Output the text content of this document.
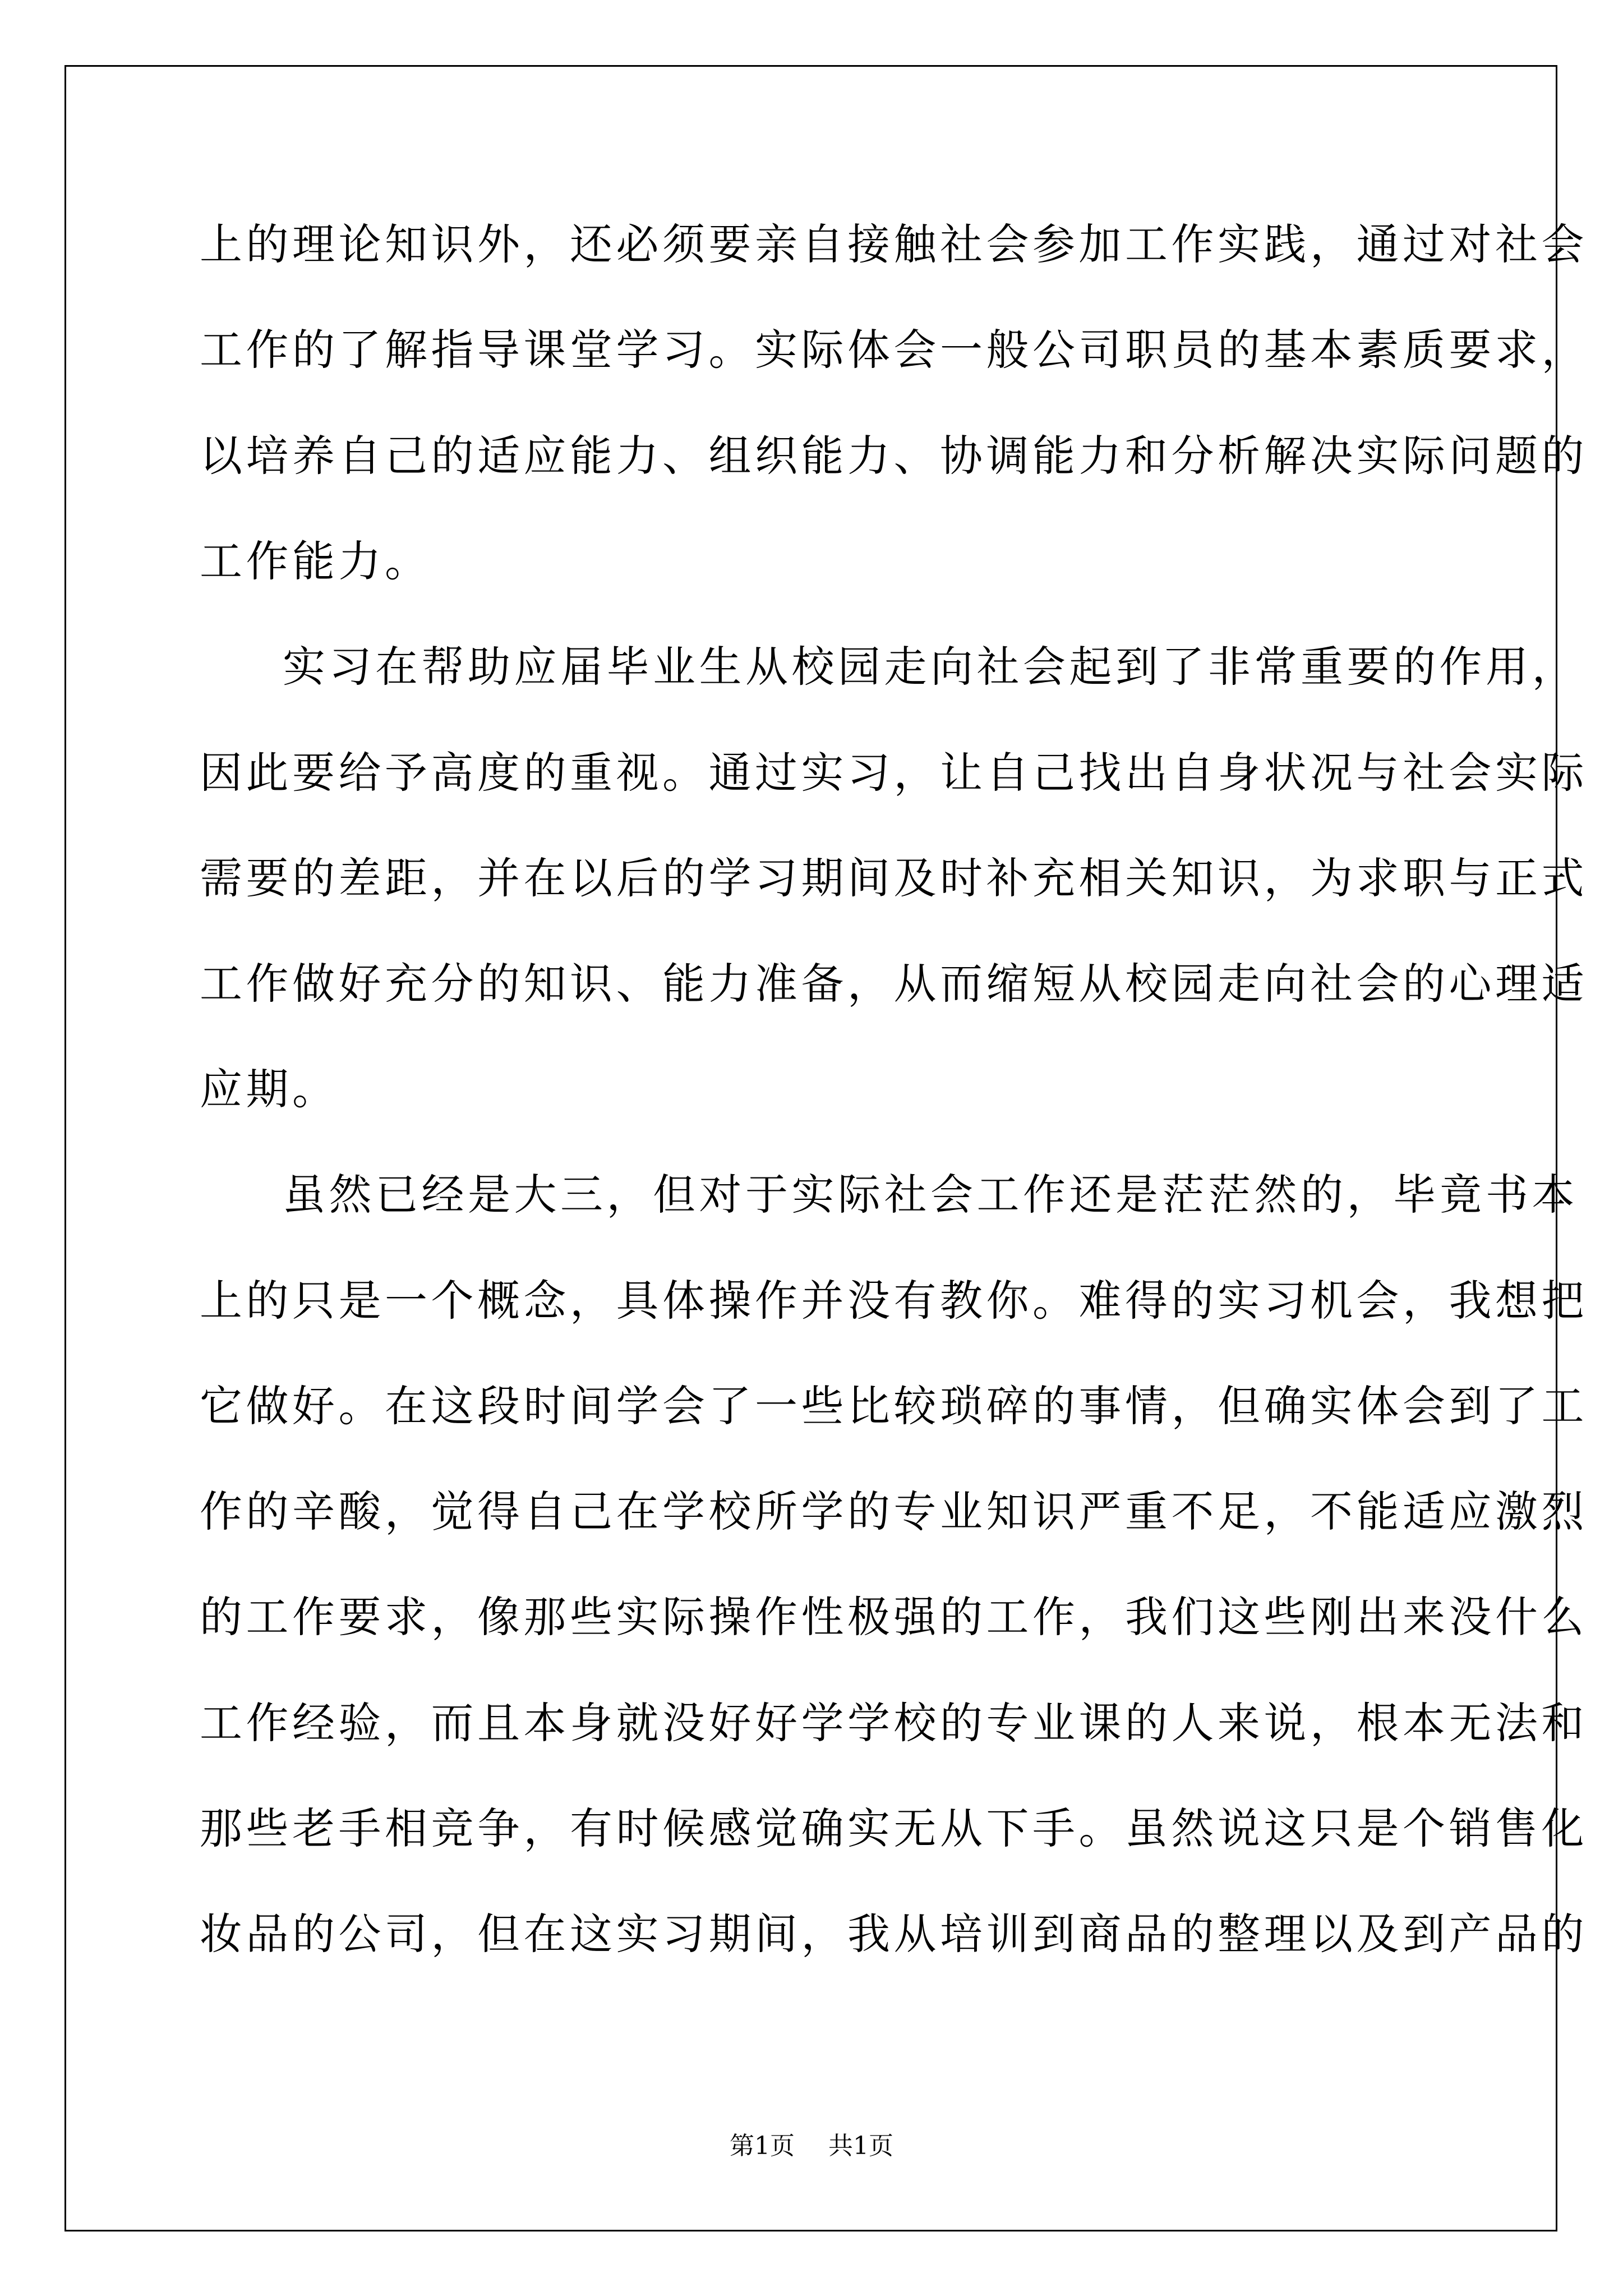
上的理论知识外，还必须要亲自接触社会参加工作实践，通过对社会
工作的了解指导课堂学习。实际体会一般公司职员的基本素质要求，
以培养自己的适应能力、组织能力、协调能力和分析解决实际问题的
工作能力。
实习在帮助应届毕业生从校园走向社会起到了非常重要的作用，
因此要给予高度的重视。通过实习，让自己找出自身状况与社会实际
需要的差距，并在以后的学习期间及时补充相关知识，为求职与正式
工作做好充分的知识、能力准备，从而缩短从校园走向社会的心理适
应期。
虽然已经是大三，但对于实际社会工作还是茫茫然的，毕竟书本
上的只是一个概念，具体操作并没有教你。难得的实习机会，我想把
它做好。在这段时间学会了一些比较琐碎的事情，但确实体会到了工
作的辛酸，觉得自己在学校所学的专业知识严重不足，不能适应激烈
的工作要求，像那些实际操作性极强的工作，我们这些刚出来没什么
工作经验，而且本身就没好好学学校的专业课的人来说，根本无法和
那些老手相竞争，有时候感觉确实无从下手。虽然说这只是个销售化
妆品的公司，但在这实习期间，我从培训到商品的整理以及到产品的
第1页 共1页
